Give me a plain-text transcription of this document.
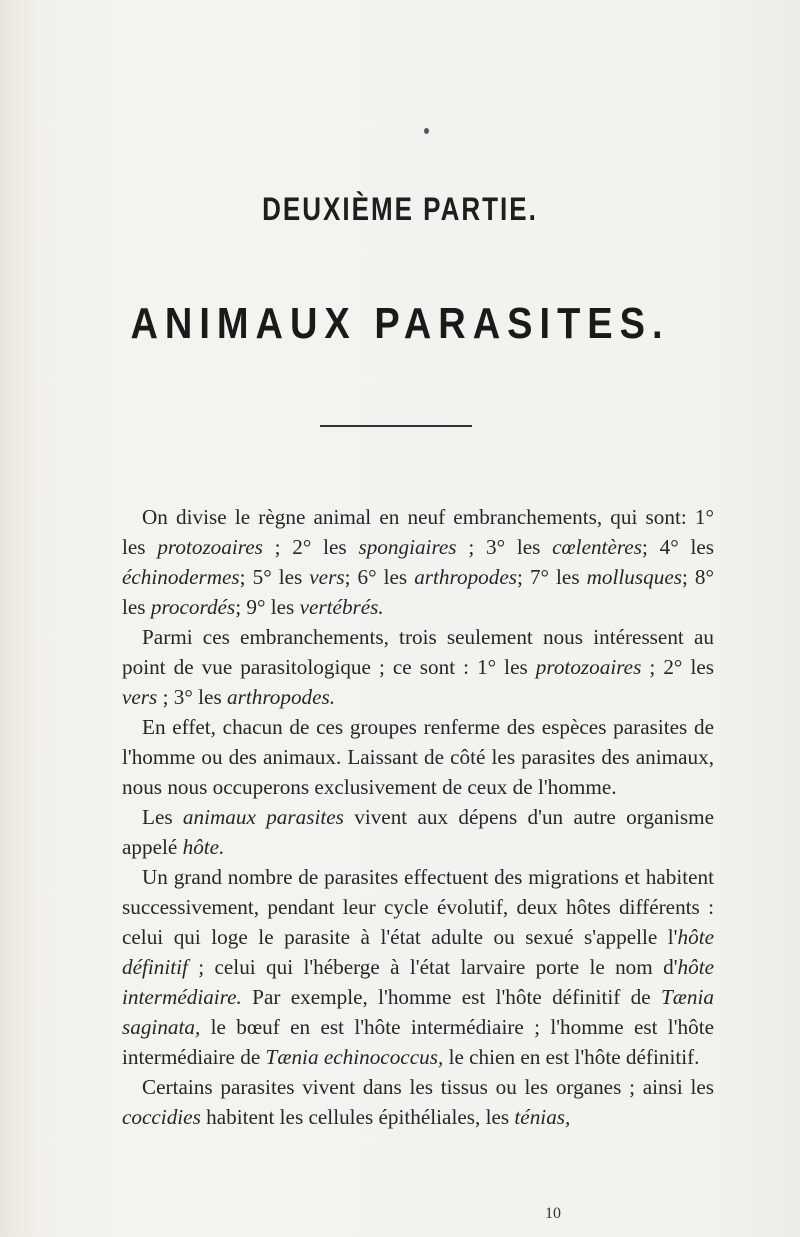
DEUXIÈME PARTIE.
ANIMAUX PARASITES.

On divise le règne animal en neuf embranchements, qui sont: 1° les protozoaires ; 2° les spongiaires ; 3° les cœlentères; 4° les échinodermes; 5° les vers; 6° les arthropodes; 7° les mollusques; 8° les procordés; 9° les vertébrés.

Parmi ces embranchements, trois seulement nous intéressent au point de vue parasitologique ; ce sont : 1° les protozoaires ; 2° les vers ; 3° les arthropodes.

En effet, chacun de ces groupes renferme des espèces parasites de l'homme ou des animaux. Laissant de côté les parasites des animaux, nous nous occuperons exclusivement de ceux de l'homme.

Les animaux parasites vivent aux dépens d'un autre organisme appelé hôte.

Un grand nombre de parasites effectuent des migrations et habitent successivement, pendant leur cycle évolutif, deux hôtes différents : celui qui loge le parasite à l'état adulte ou sexué s'appelle l'hôte définitif ; celui qui l'héberge à l'état larvaire porte le nom d'hôte intermédiaire. Par exemple, l'homme est l'hôte définitif de Tænia saginata, le bœuf en est l'hôte intermédiaire ; l'homme est l'hôte intermédiaire de Tænia echinococcus, le chien en est l'hôte définitif.

Certains parasites vivent dans les tissus ou les organes ; ainsi les coccidies habitent les cellules épithéliales, les ténias,

10
